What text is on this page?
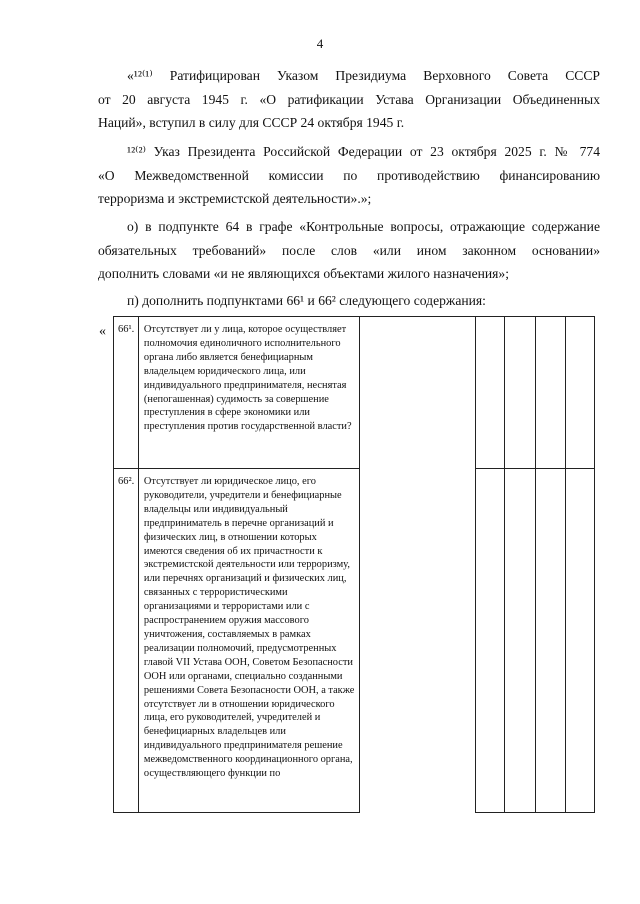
4
«¹²⁽¹⁾ Ратифицирован Указом Президиума Верховного Совета СССР
от 20 августа 1945 г. «О ратификации Устава Организации Объединенных
Наций», вступил в силу для СССР 24 октября 1945 г.
¹²⁽²⁾ Указ Президента Российской Федерации от 23 октября 2025 г. № 774
«О Межведомственной комиссии по противодействию финансированию
терроризма и экстремистской деятельности».»;
о) в подпункте 64 в графе «Контрольные вопросы, отражающие содержание
обязательных требований» после слов «или ином законном основании»
дополнить словами «и не являющихся объектами жилого назначения»;
п) дополнить подпунктами 66¹ и 66² следующего содержания:
« 66¹.	Отсутствует ли у лица, которое осуществляет полномочия единоличного исполнительного органа либо является бенефициарным владельцем юридического лица, или индивидуального предпринимателя, неснятая (непогашенная) судимость за совершение преступления в сфере экономики или преступления против государственной власти?					
66².	Отсутствует ли юридическое лицо, его руководители, учредители и бенефициарные владельцы или индивидуальный предприниматель в перечне организаций и физических лиц, в отношении которых имеются сведения об их причастности к экстремистской деятельности или терроризму, или перечнях организаций и физических лиц, связанных с террористическими организациями и террористами или с распространением оружия массового уничтожения, составляемых в рамках реализации полномочий, предусмотренных главой VII Устава ООН, Советом Безопасности ООН или органами, специально созданными решениями Совета Безопасности ООН, а также отсутствует ли в отношении юридического лица, его руководителей, учредителей и бенефициарных владельцев или индивидуального предпринимателя решение межведомственного координационного органа, осуществляющего функции по					
